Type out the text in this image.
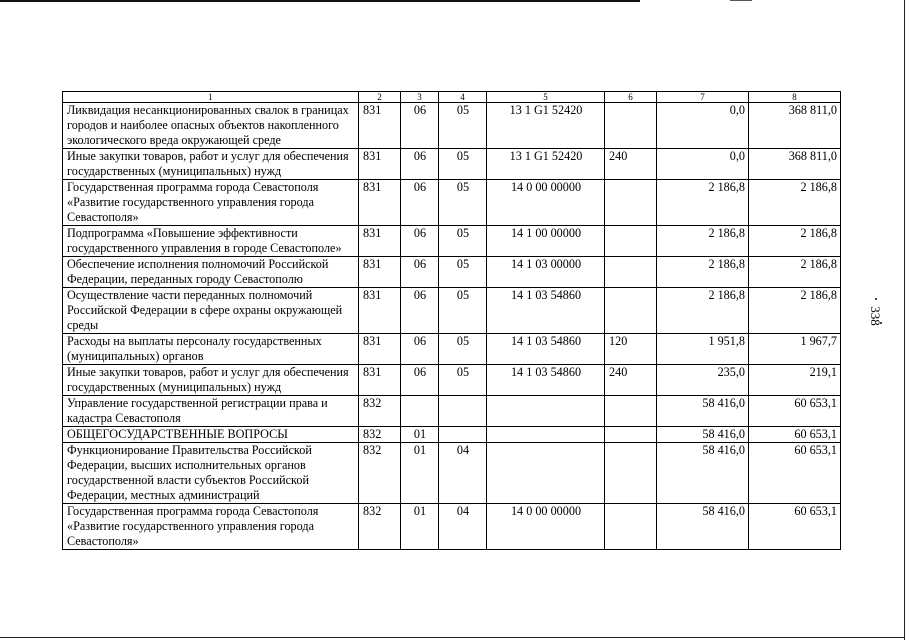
338
1	2	3	4	5	6	7	8
Ликвидация несанкционированных свалок в границах городов и наиболее опасных объектов накопленного экологического вреда окружающей среде	831	06	05	13 1 G1 52420		0,0	368 811,0
Иные закупки товаров, работ и услуг для обеспечения государственных (муниципальных) нужд	831	06	05	13 1 G1 52420	240	0,0	368 811,0
Государственная программа города Севастополя «Развитие государственного управления города Севастополя»	831	06	05	14 0 00 00000		2 186,8	2 186,8
Подпрограмма «Повышение эффективности государственного управления в городе Севастополе»	831	06	05	14 1 00 00000		2 186,8	2 186,8
Обеспечение исполнения полномочий Российской Федерации, переданных городу Севастополю	831	06	05	14 1 03 00000		2 186,8	2 186,8
Осуществление части переданных полномочий Российской Федерации в сфере охраны окружающей среды	831	06	05	14 1 03 54860		2 186,8	2 186,8
Расходы на выплаты персоналу государственных (муниципальных) органов	831	06	05	14 1 03 54860	120	1 951,8	1 967,7
Иные закупки товаров, работ и услуг для обеспечения государственных (муниципальных) нужд	831	06	05	14 1 03 54860	240	235,0	219,1
Управление государственной регистрации права и кадастра Севастополя	832					58 416,0	60 653,1
ОБЩЕГОСУДАРСТВЕННЫЕ ВОПРОСЫ	832	01				58 416,0	60 653,1
Функционирование Правительства Российской Федерации, высших исполнительных органов государственной власти субъектов Российской Федерации, местных администраций	832	01	04			58 416,0	60 653,1
Государственная программа города Севастополя «Развитие государственного управления города Севастополя»	832	01	04	14 0 00 00000		58 416,0	60 653,1
